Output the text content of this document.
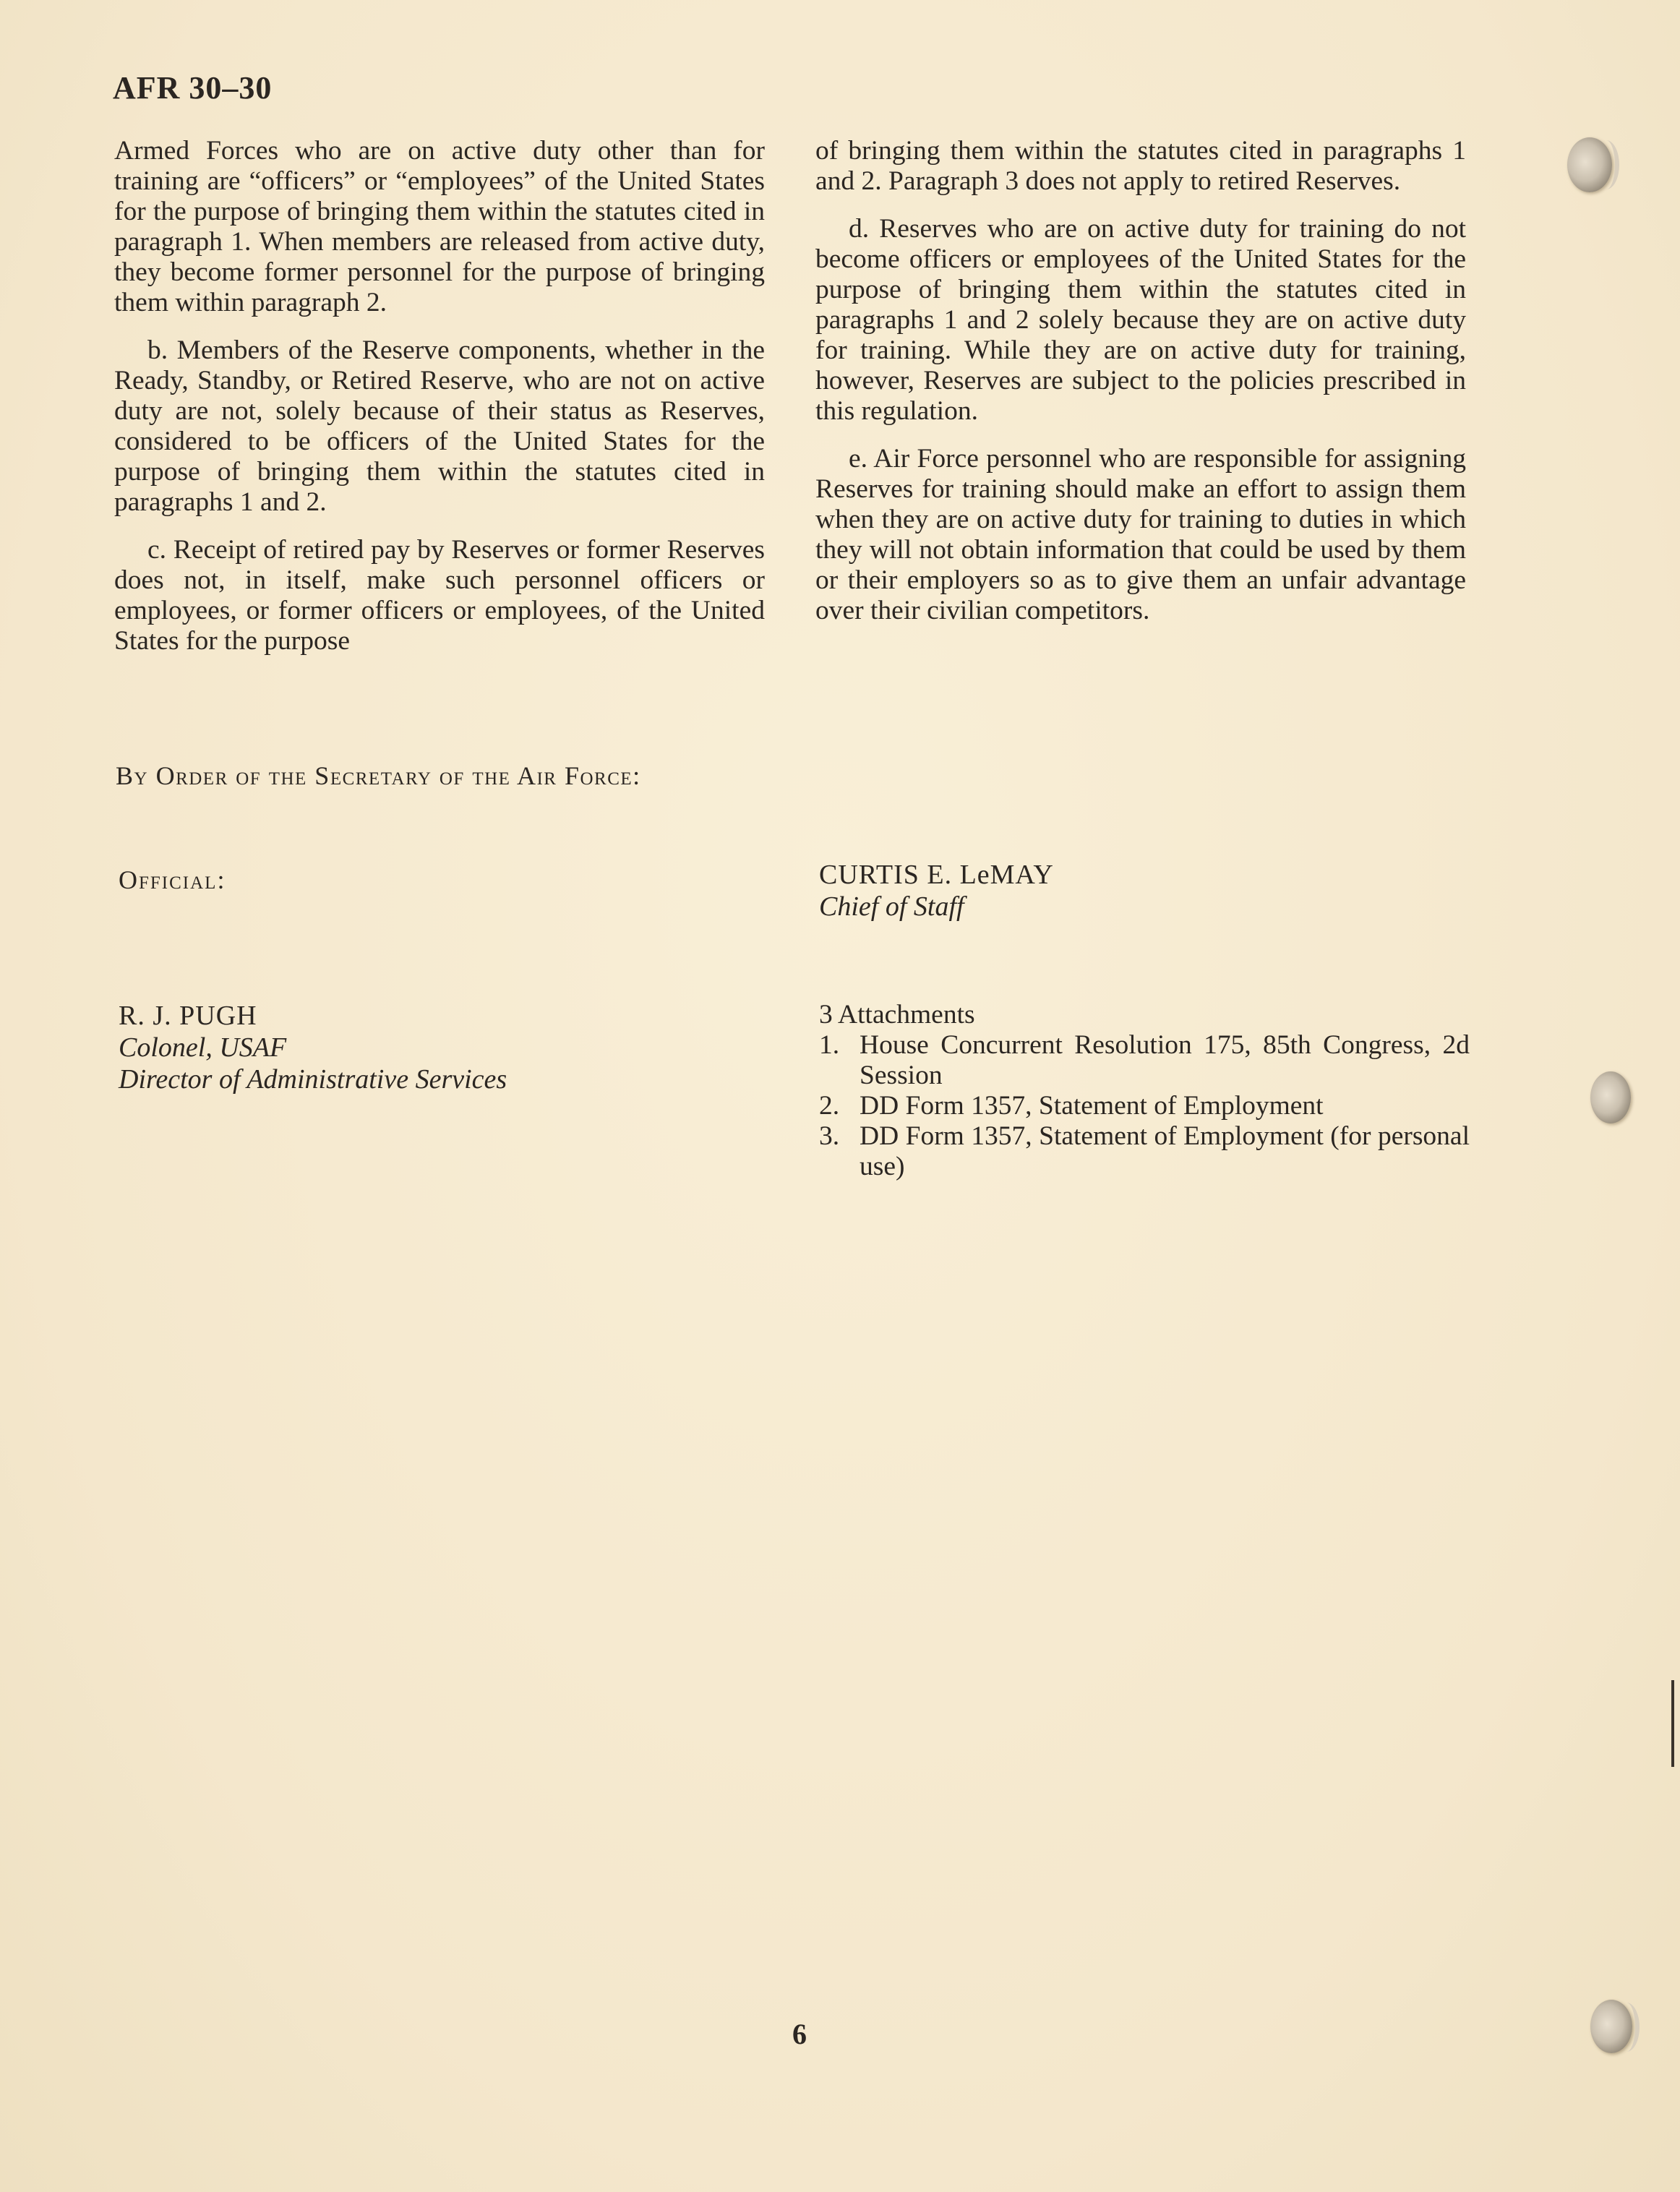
AFR 30–30

Armed Forces who are on active duty other than for training are “officers” or “employees” of the United States for the purpose of bringing them within the statutes cited in paragraph 1. When members are released from active duty, they become former personnel for the purpose of bringing them within paragraph 2.

b. Members of the Reserve components, whether in the Ready, Standby, or Retired Reserve, who are not on active duty are not, solely because of their status as Reserves, considered to be officers of the United States for the purpose of bringing them within the statutes cited in paragraphs 1 and 2.

c. Receipt of retired pay by Reserves or former Reserves does not, in itself, make such personnel officers or employees, or former officers or employees, of the United States for the purpose

of bringing them within the statutes cited in paragraphs 1 and 2. Paragraph 3 does not apply to retired Reserves.

d. Reserves who are on active duty for training do not become officers or employees of the United States for the purpose of bringing them within the statutes cited in paragraphs 1 and 2 solely because they are on active duty for training. While they are on active duty for training, however, Reserves are subject to the policies prescribed in this regulation.

e. Air Force personnel who are responsible for assigning Reserves for training should make an effort to assign them when they are on active duty for training to duties in which they will not obtain information that could be used by them or their employers so as to give them an unfair advantage over their civilian competitors.

By Order of the Secretary of the Air Force:
Official:	CURTIS E. LeMAY
Chief of Staff
R. J. PUGH
Colonel, USAF
Director of Administrative Services
3 Attachments
1. House Concurrent Resolution 175, 85th Congress, 2d Session
2. DD Form 1357, Statement of Employment
3. DD Form 1357, Statement of Employment (for personal use)
6
